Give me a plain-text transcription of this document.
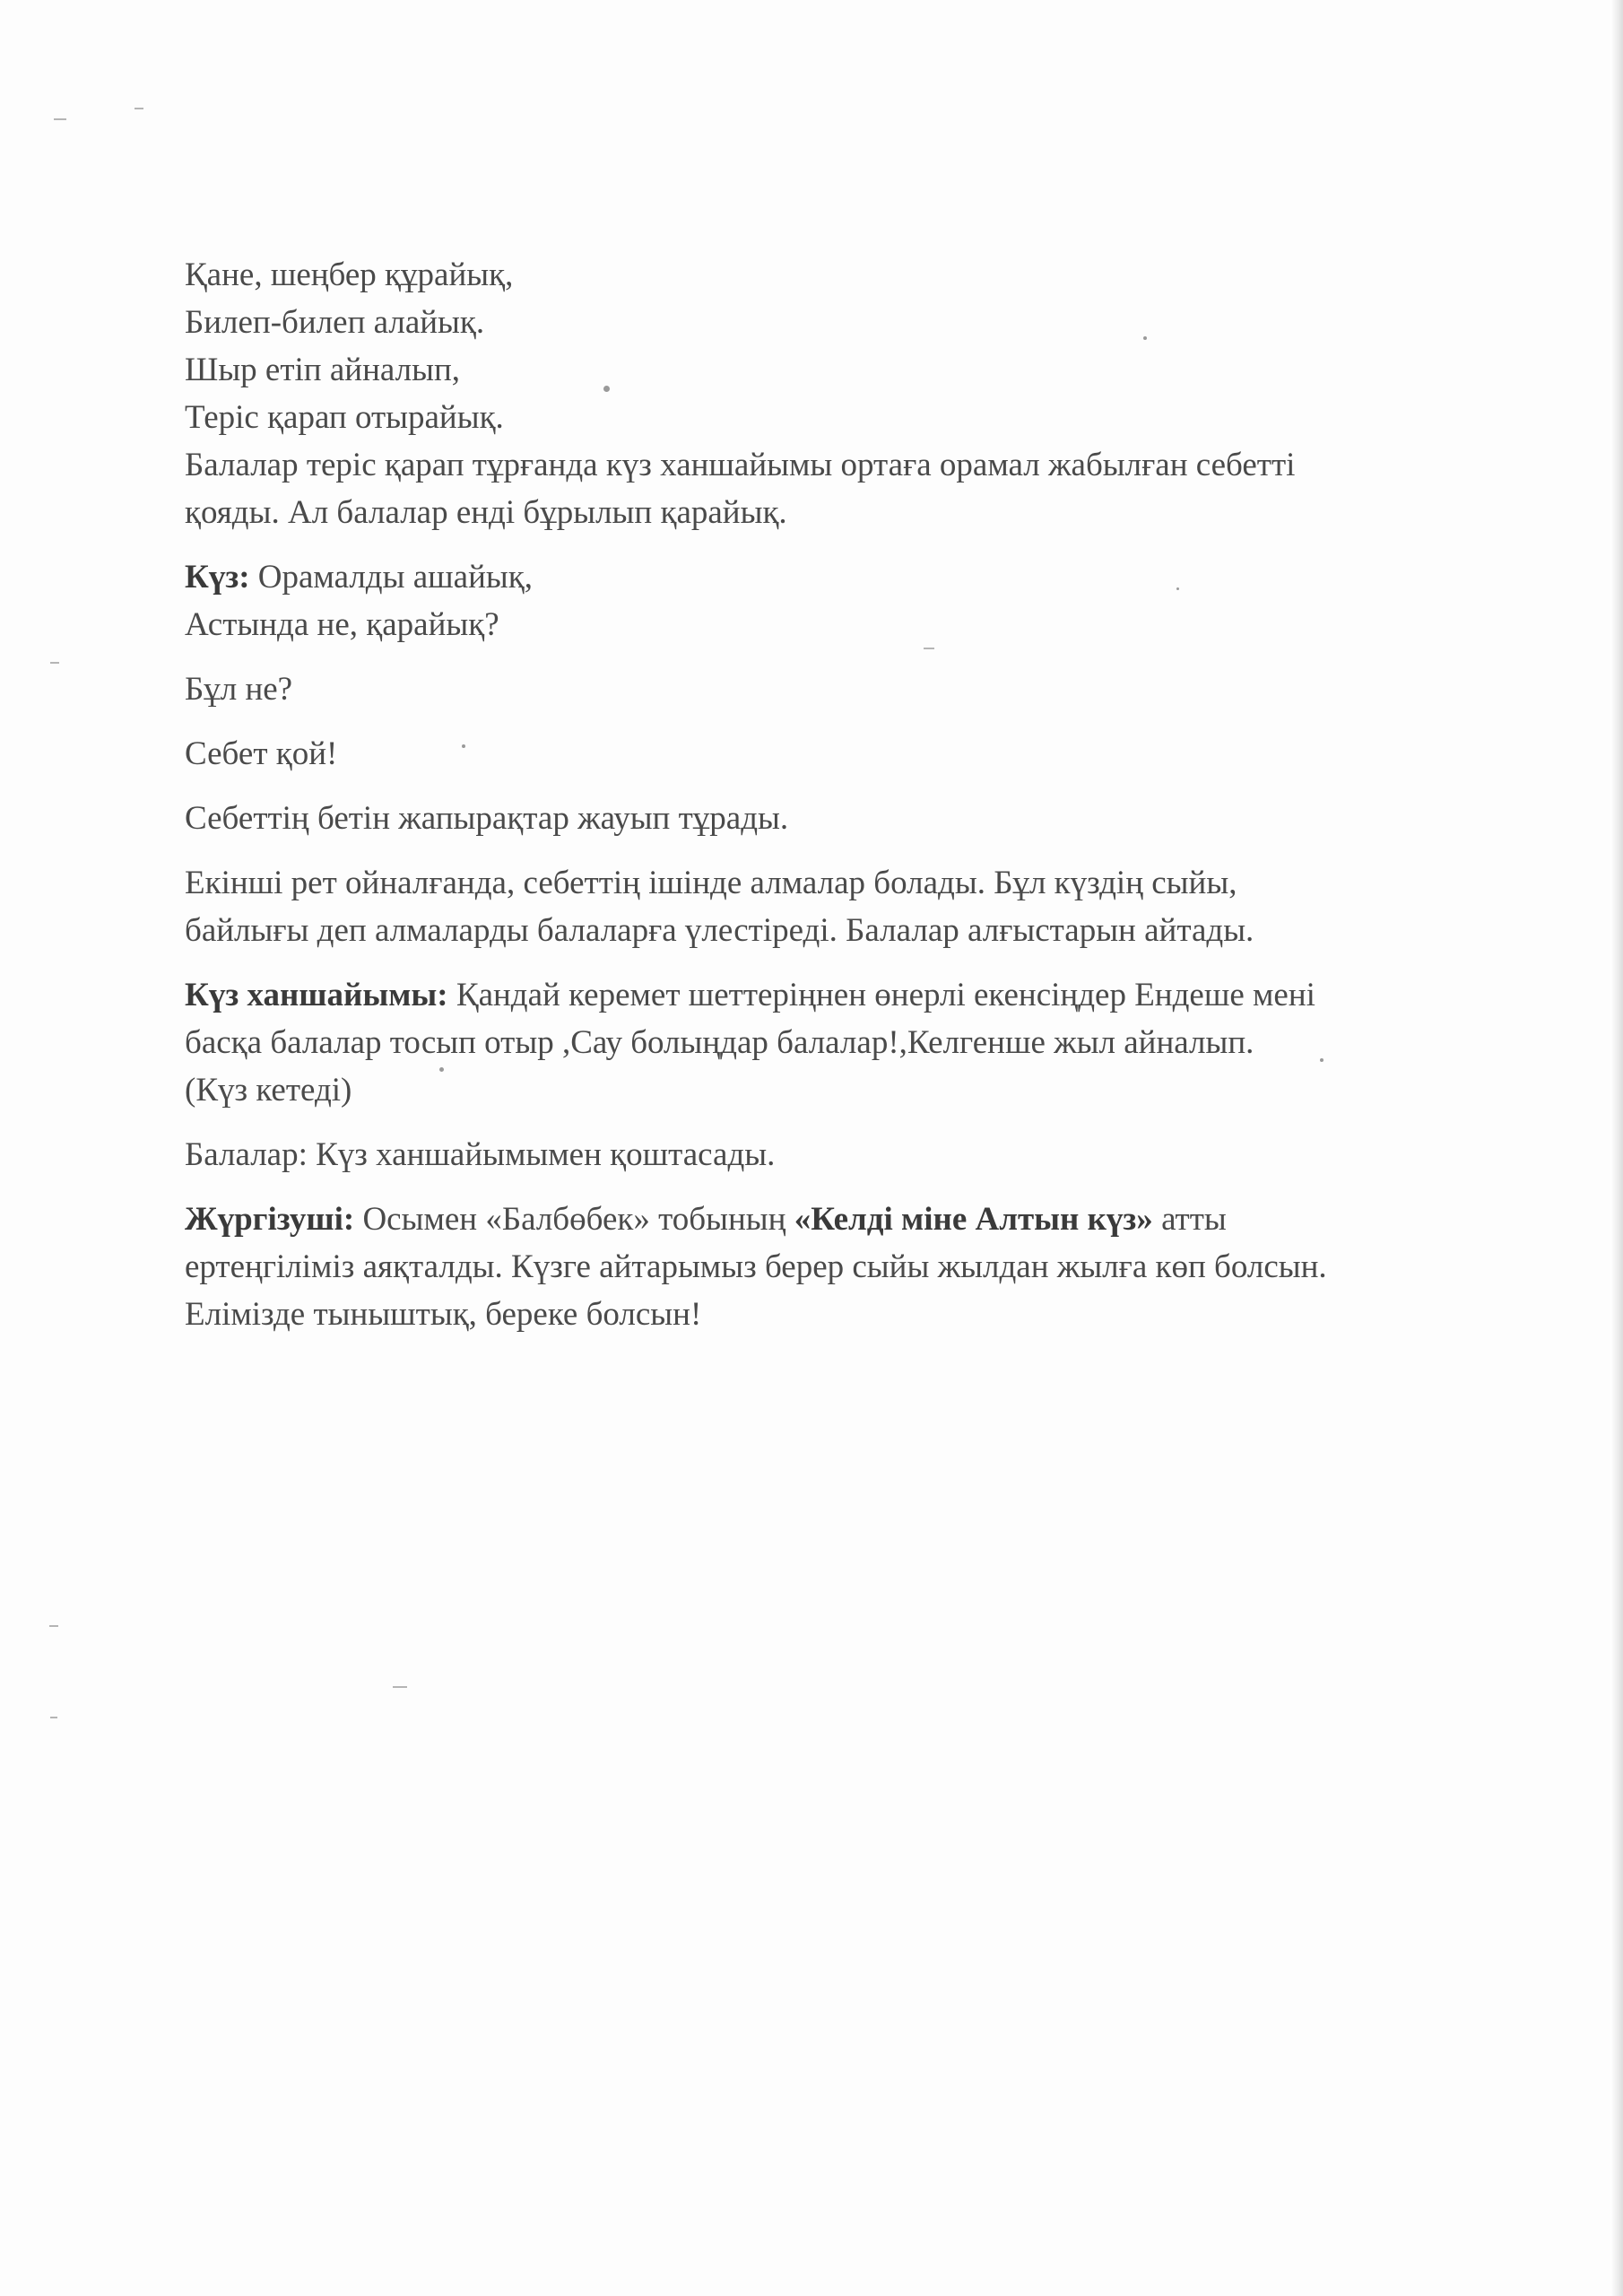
Қане, шеңбер құрайық,
Билеп-билеп алайық.
Шыр етіп айналып,
Теріс қарап отырайық.

Балалар теріс қарап тұрғанда күз ханшайымы ортаға орамал жабылған себетті
қояды. Ал балалар енді бұрылып қарайық.

Күз: Орамалды ашайық,
Астында не, қарайық?

Бұл не?

Себет қой!

Себеттің бетін жапырақтар жауып тұрады.

Екінші рет ойналғанда, себеттің ішінде алмалар болады. Бұл күздің сыйы,
байлығы деп алмаларды балаларға үлестіреді. Балалар алғыстарын айтады.

Күз ханшайымы: Қандай керемет шеттеріңнен өнерлі екенсіңдер Ендеше мені
басқа балалар тосып отыр ,Сау болыңдар балалар!,Келгенше жыл айналып.
(Күз кетеді)

Балалар: Күз ханшайымымен қоштасады.

Жүргізуші: Осымен «Балбөбек» тобының «Келді міне Алтын күз» атты
ертеңгіліміз аяқталды. Күзге айтарымыз берер сыйы жылдан жылға көп болсын.
Елімізде тыныштық, береке болсын!
